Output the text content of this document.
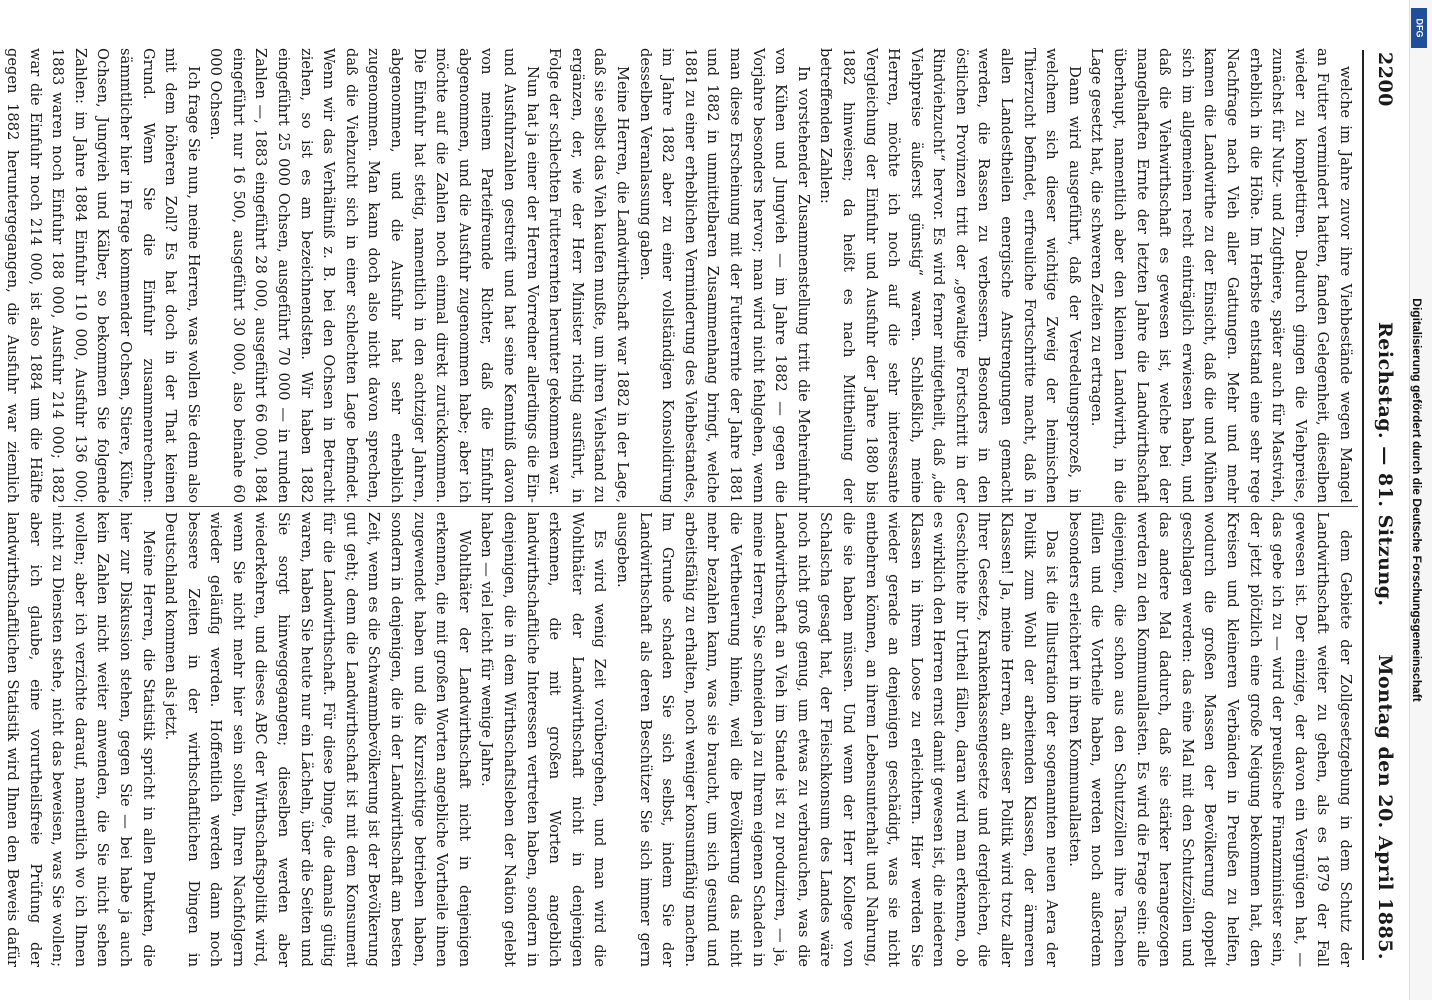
2200
Reichstag. — 81. Sitzung.
Montag den 20. April 1885.

welche im Jahre zuvor ihre Viehbestände wegen Mangel an Futter vermindert hatten, fanden Gelegenheit, dieselben wieder zu komplettiren. Dadurch gingen die Viehpreise, zunächst für Nutz- und Zugthiere, später auch für Mastvieh, erheblich in die Höhe. Im Herbste entstand eine sehr rege Nachfrage nach Vieh aller Gattungen. Mehr und mehr kamen die Landwirthe zu der Einsicht, daß die und Mühen sich im allgemeinen recht einträglich erwiesen haben, und daß die Viehwirthschaft es gewesen ist, welche bei der mangelhaften Ernte der letzten Jahre die Landwirthschaft überhaupt, namentlich aber den kleinen Landwirth, in die Lage gesetzt hat, die schweren Zeiten zu ertragen.

Dann wird ausgeführt, daß der Veredelungsprozeß, in welchem sich dieser wichtige Zweig der heimischen Thierzucht befindet, erfreuliche Fortschritte macht, daß in allen Landestheilen energische Anstrengungen gemacht werden, die Rassen zu verbessern. Besonders in den östlichen Provinzen tritt der „gewaltige Fortschritt in der Rindviehzucht“ hervor. Es wird ferner mitgetheilt, daß „die Viehpreise äußerst günstig“ waren. Schließlich, meine Herren, möchte ich noch auf die sehr interessante Vergleichung der Einfuhr und Ausfuhr der Jahre 1880 bis 1882 hinweisen; da heißt es nach Mittheilung der betreffenden Zahlen:

In vorstehender Zusammenstellung tritt die Mehreinfuhr von Kühen und Jungvieh — im Jahre 1882 — gegen die Vorjahre besonders hervor; man wird nicht fehlgehen, wenn man diese Erscheinung mit der Futterernte der Jahre 1881 und 1882 in unmittelbaren Zusammenhang bringt, welche 1881 zu einer erheblichen Verminderung des Viehbestandes, im Jahre 1882 aber zu einer vollständigen Konsolidirung desselben Veranlassung gaben.

Meine Herren, die Landwirthschaft war 1882 in der Lage, daß sie selbst das Vieh kaufen mußte, um ihren Viehstand zu ergänzen, der, wie der Herr Minister richtig ausführt, in Folge der schlechten Futterernten herunter gekommen war.

Nun hat ja einer der Herren Vorredner allerdings die Ein- und Ausfuhrzahlen gestreift und hat seine Kenntniß davon von meinem Parteifreunde Richter, daß die Einfuhr abgenommen, und die Ausfuhr zugenommen habe; aber ich möchte auf die Zahlen noch einmal direkt zurückkommen. Die Einfuhr hat stetig, namentlich in den achtziger Jahren, abgenommen, und die Ausfuhr hat sehr erheblich zugenommen. Man kann doch also nicht davon sprechen, daß die Viehzucht sich in einer schlechten Lage befindet. Wenn wir das Verhältniß z. B. bei den Ochsen in Betracht ziehen, so ist es am bezeichnendsten. Wir haben 1882 eingeführt 25 000 Ochsen, ausgeführt 70 000 — in runden Zahlen —, 1883 eingeführt 28 000, ausgeführt 66 000, 1884 eingeführt nur 16 500, ausgeführt 30 000, also beinahe 60 000 Ochsen.

Ich frage Sie nun, meine Herren, was wollen Sie denn also mit dem höheren Zoll? Es hat doch in der That keinen Grund. Wenn Sie die Einfuhr zusammenrechnen: sämmtlicher hier in Frage kommender Ochsen, Stiere, Kühe, Ochsen, Jungvieh und Kälber, so bekommen Sie folgende Zahlen: im Jahre 1884 Einfuhr 110 000, Ausfuhr 136 000; 1883 waren noch Einfuhr 188 000, Ausfuhr 214 000; 1882 war die Einfuhr noch 214 000, ist also 1884 um die Hälfte gegen 1882 heruntergegangen, die Ausfuhr war ziemlich

dem Gebiete der Zollgesetzgebung in dem Schutz der Landwirthschaft weiter zu gehen, als es 1879 der Fall gewesen ist. Der einzige, der davon ein Vergnügen hat, — das gebe ich zu — wird der preußische Finanzminister sein, der jetzt plötzlich eine große Neigung bekommen hat, den Kreisen und kleineren Verbänden in Preußen zu helfen, wodurch die großen Massen der Bevölkerung doppelt geschlagen werden: das eine Mal mit den Schutzzöllen und das andere Mal dadurch, daß sie stärker herangezogen werden zu den Kommunallasten. Es wird die Frage sein: alle diejenigen, die schon aus den Schutzzöllen ihre Taschen füllen und die Vortheile haben, werden noch außerdem besonders erleichtert in ihren Kommunallasten.

Das ist die Illustration der sogenannten neuen Aera der Politik zum Wohl der arbeitenden Klassen, der ärmeren Klassen! Ja, meine Herren, an dieser Politik wird trotz aller Ihrer Gesetze, Krankenkassengesetze und dergleichen, die Geschichte ihr Urtheil fällen, daran wird man erkennen, ob es wirklich den Herren ernst damit gewesen ist, die niederen Klassen in ihrem Loose zu erleichtern. Hier werden Sie wieder gerade an denjenigen geschädigt, was sie nicht entbehren können, an ihrem Lebensunterhalt und Nahrung, die sie haben müssen. Und wenn der Herr Kollege von Schalscha gesagt hat, der Fleischkonsum des Landes wäre noch nicht groß genug, um etwas zu verbrauchen, was die Landwirthschaft an Vieh im Stande ist zu produziren, — ja, meine Herren, Sie schneiden ja zu Ihrem eigenen Schaden in die Vertheuerung hinein, weil die Bevölkerung das nicht mehr bezahlen kann, was sie braucht, um sich gesund und arbeitsfähig zu erhalten, noch weniger konsumfähig machen. Im Grunde schaden Sie sich selbst, indem Sie der Landwirthschaft als deren Beschützer Sie sich immer gern ausgeben.

Es wird wenig Zeit vorübergehen, und man wird die Wohlthäter der Landwirthschaft nicht in denjenigen erkennen, die mit großen Worten angeblich landwirthschaftliche Interessen vertreten haben, sondern in denjenigen, die in dem Wirthschaftsleben der Nation gelebt haben — viel leicht für wenige Jahre.

Wohlthäter der Landwirthschaft nicht in denjenigen erkennen, die mit großen Worten angebliche Vortheile ihnen zugewendet haben und die Kurzsichtige betrieben haben, sondern in denjenigen, die in der Landwirthschaft am besten Zeit, wenn es die Schwammbevölkerung ist der Bevölkerung gut geht; denn die Landwirthschaft ist mit dem Konsument für die Landwirthschaft. Für diese Dinge, die damals gültig waren, haben Sie heute nur ein Lächeln, über die Seiten und Sie sorgt hinweggegangen; dieselben werden aber wiederkehren, und dieses ABC der Wirthschaftspolitik wird, wenn Sie nicht mehr hier sein sollten, Ihren Nachfolgern wieder geläufig werden. Hoffentlich werden dann noch bessere Zeiten in der wirthschaftlichen Dingen in Deutschland kommen als jetzt.

Meine Herren, die Statistik spricht in allen Punkten, die hier zur Diskussion stehen, gegen Sie — bei habe ja auch kein Zahlen nicht weiter anwenden, die Sie nicht sehen wollen; aber ich verzichte darauf, namentlich wo ich Ihnen nicht zu Diensten stehe, nicht das beweisen, was Sie wollen; aber ich glaube, eine vorurtheilsfreie Prüfung der landwirthschaftlichen Statistik wird Ihnen den Beweis dafür

DFG
Digitalisierung gefördert durch die Deutsche Forschungsgemeinschaft
